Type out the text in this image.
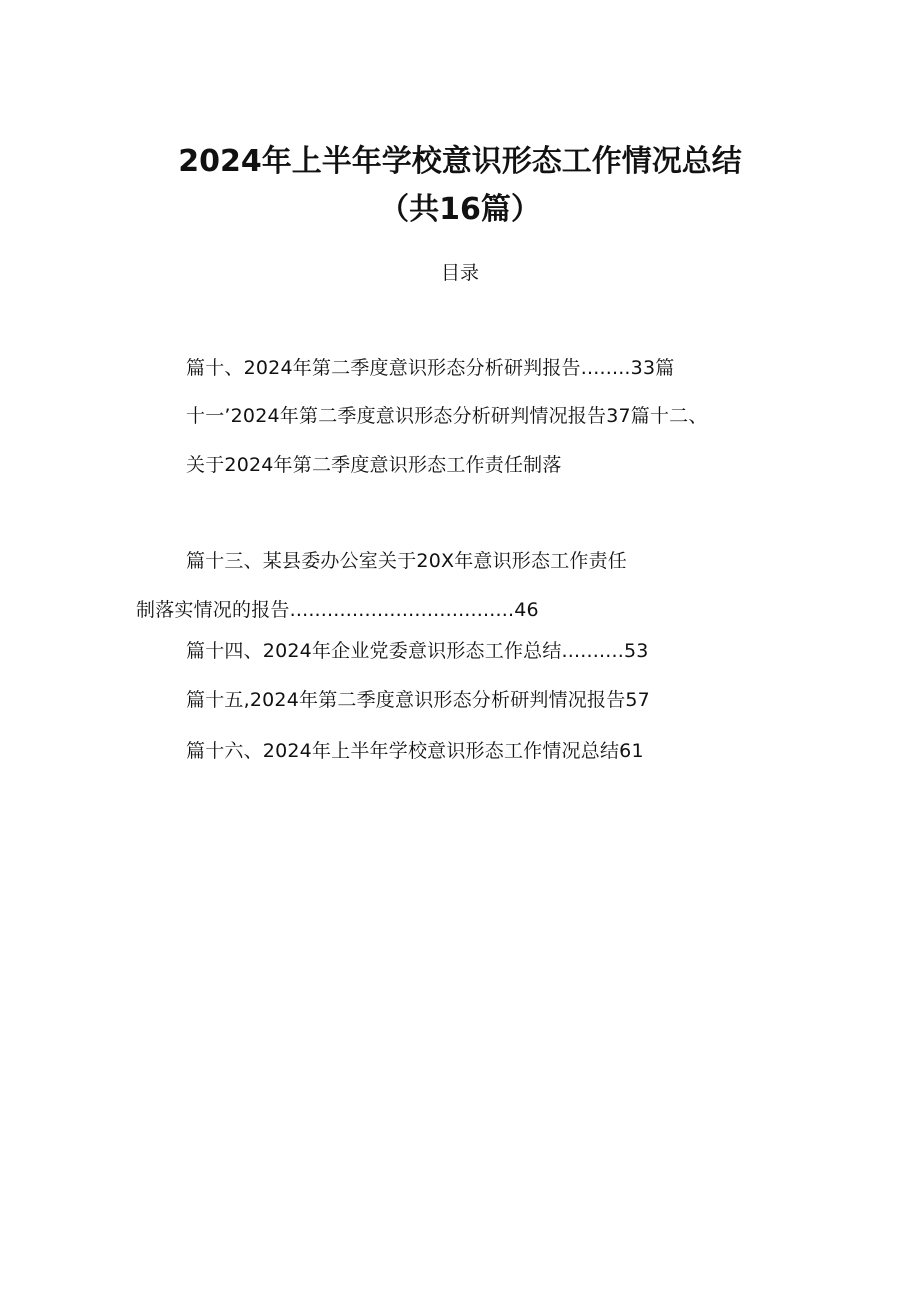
2024年上半年学校意识形态工作情况总结
（共16篇）
目录
篇十、2024年第二季度意识形态分析研判报告........33篇
十一’2024年第二季度意识形态分析研判情况报告37篇十二、
关于2024年第二季度意识形态工作责任制落
篇十三、某县委办公室关于20X年意识形态工作责任
制落实情况的报告....................................46
篇十四、2024年企业党委意识形态工作总结..........53
篇十五,2024年第二季度意识形态分析研判情况报告57
篇十六、2024年上半年学校意识形态工作情况总结61
